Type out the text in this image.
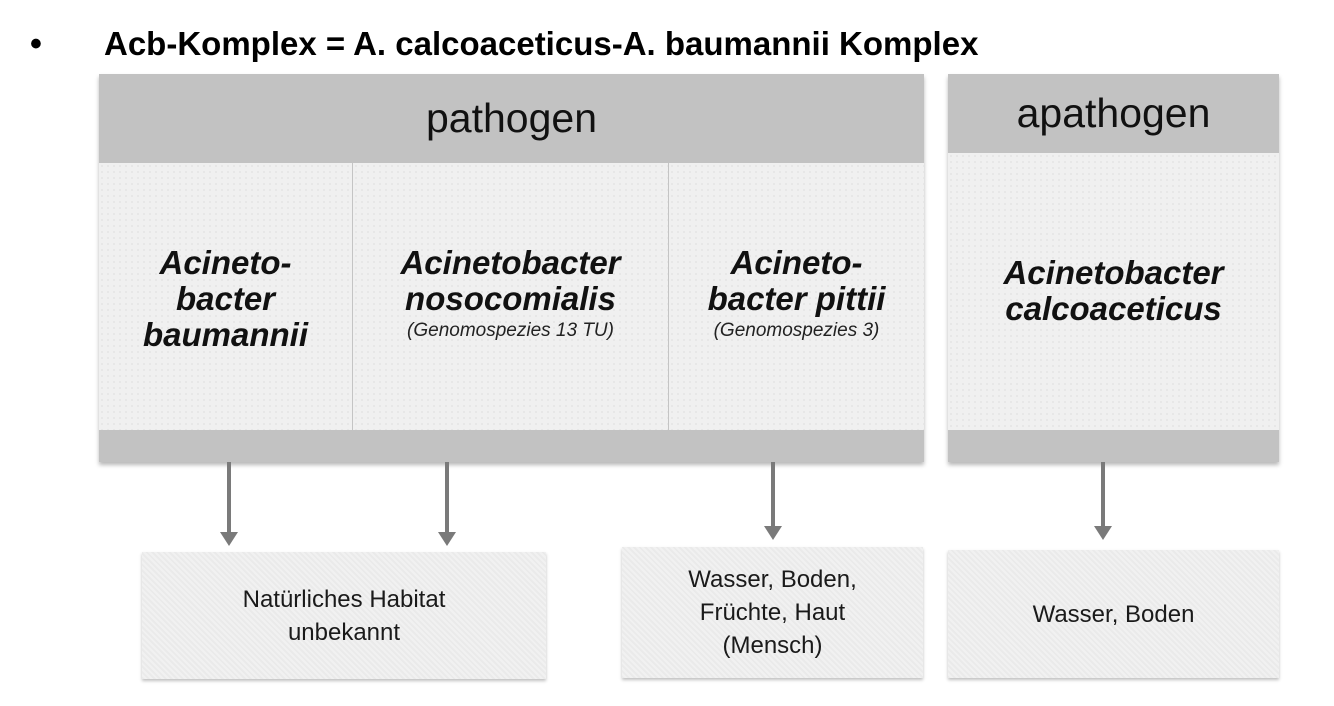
•	Acb-Komplex = A. calcoaceticus-A. baumannii Komplex
pathogen
Acineto-
bacter
baumannii
Acinetobacter
nosocomialis
(Genomospezies 13 TU)
Acineto-
bacter pittii
(Genomospezies 3)
apathogen
Acinetobacter
calcoaceticus
Natürliches Habitat
unbekannt
Wasser, Boden,
Früchte, Haut
(Mensch)
Wasser, Boden
